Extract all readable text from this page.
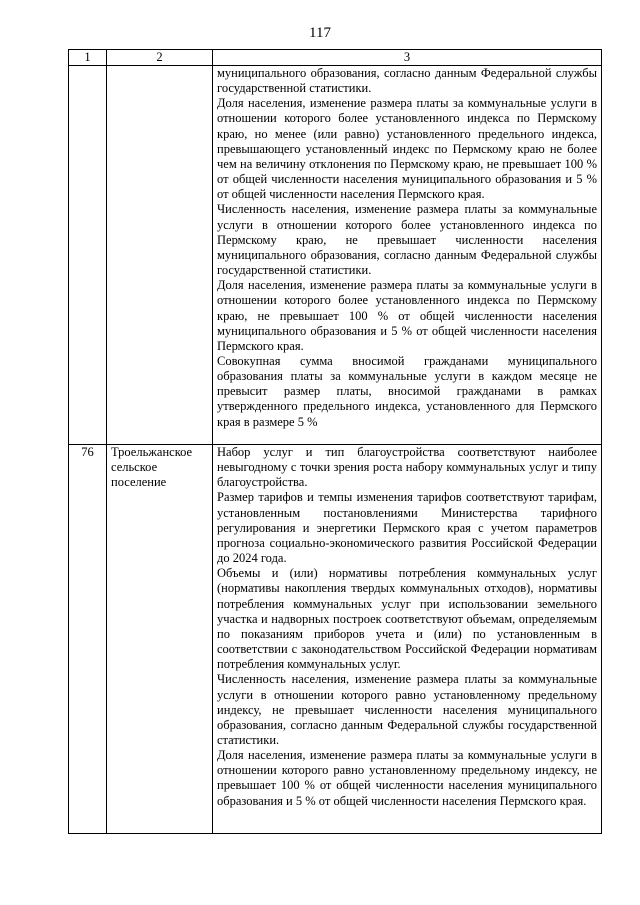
117
1	2	3

		муниципального образования, согласно данным Федеральной службы государственной статистики.

Доля населения, изменение размера платы за коммунальные услуги в отношении которого более установленного индекса по Пермскому краю, но менее (или равно) установленного предельного индекса, превышающего установленный индекс по Пермскому краю не более чем на величину отклонения по Пермскому краю, не превышает 100 % от общей численности населения муниципального образования и 5 % от общей численности населения Пермского края.

Численность населения, изменение размера платы за коммунальные услуги в отношении которого более установленного индекса по Пермскому краю, не превышает численности населения муниципального образования, согласно данным Федеральной службы государственной статистики.

Доля населения, изменение размера платы за коммунальные услуги в отношении которого более установленного индекса по Пермскому краю, не превышает 100 % от общей численности населения муниципального образования и 5 % от общей численности населения Пермского края.

Совокупная сумма вносимой гражданами муниципального образования платы за коммунальные услуги в каждом месяце не превысит размер платы, вносимой гражданами в рамках утвержденного предельного индекса, установленного для Пермского края в размере 5 %

76	Троельжанское сельское поселение	Набор услуг и тип благоустройства соответствуют наиболее невыгодному с точки зрения роста набору коммунальных услуг и типу благоустройства.

Размер тарифов и темпы изменения тарифов соответствуют тарифам, установленным постановлениями Министерства тарифного регулирования и энергетики Пермского края с учетом параметров прогноза социально-экономического развития Российской Федерации до 2024 года.

Объемы и (или) нормативы потребления коммунальных услуг (нормативы накопления твердых коммунальных отходов), нормативы потребления коммунальных услуг при использовании земельного участка и надворных построек соответствуют объемам, определяемым по показаниям приборов учета и (или) по установленным в соответствии с законодательством Российской Федерации нормативам потребления коммунальных услуг.

Численность населения, изменение размера платы за коммунальные услуги в отношении которого равно установленному предельному индексу, не превышает численности населения муниципального образования, согласно данным Федеральной службы государственной статистики.

Доля населения, изменение размера платы за коммунальные услуги в отношении которого равно установленному предельному индексу, не превышает 100 % от общей численности населения муниципального образования и 5 % от общей численности населения Пермского края.
